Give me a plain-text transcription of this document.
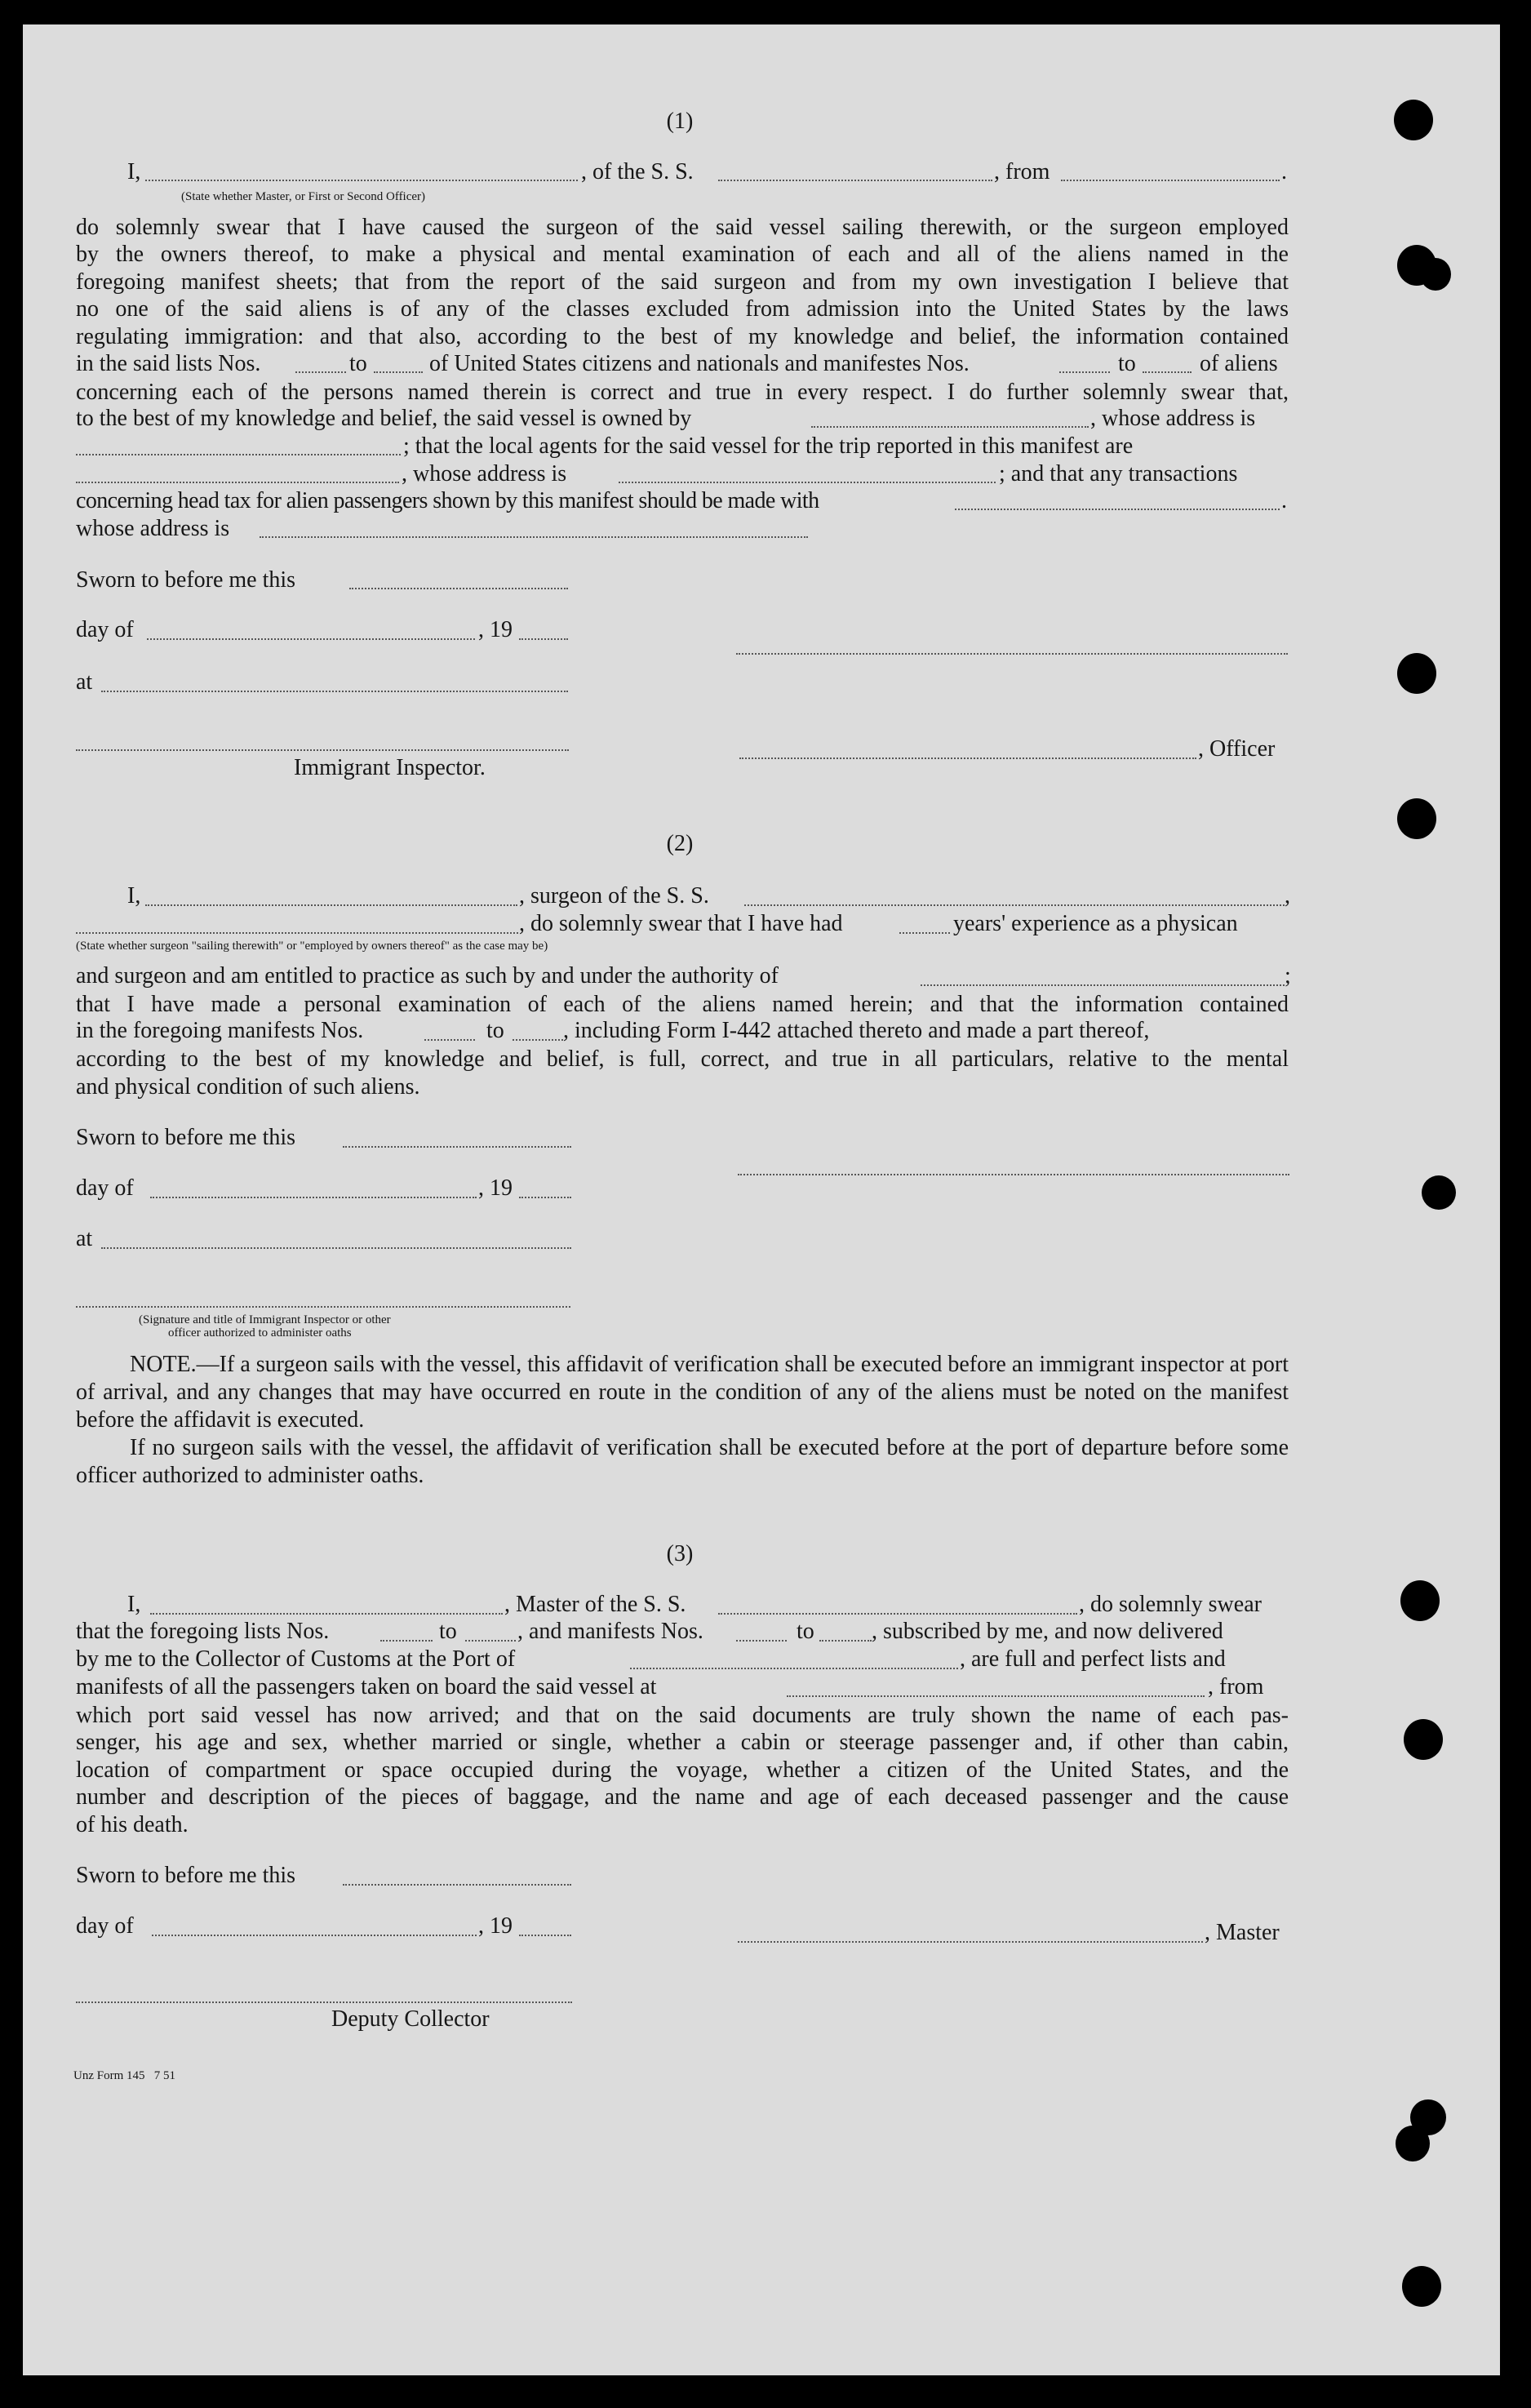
(1)
I,	, of the S. S.	, from	.
(State whether Master, or First or Second Officer)
do solemnly swear that I have caused the surgeon of the said vessel sailing therewith, or the surgeon employed
by the owners thereof, to make a physical and mental examination of each and all of the aliens named in the
foregoing manifest sheets; that from the report of the said surgeon and from my own investigation I believe that
no one of the said aliens is of any of the classes excluded from admission into the United States by the laws
regulating immigration: and that also, according to the best of my knowledge and belief, the information contained
in the said lists Nos.	to	of United States citizens and nationals and manifestes Nos.	to	of aliens
concerning each of the persons named therein is correct and true in every respect. I do further solemnly swear that,
to the best of my knowledge and belief, the said vessel is owned by	, whose address is
; that the local agents for the said vessel for the trip reported in this manifest are
, whose address is	; and that any transactions
concerning head tax for alien passengers shown by this manifest should be made with	.
whose address is
Sworn to before me this
day of	, 19
at
, Officer
Immigrant Inspector.
(2)
I,	, surgeon of the S. S.	,
, do solemnly swear that I have had	years' experience as a physican
(State whether surgeon "sailing therewith" or "employed by owners thereof" as the case may be)
and surgeon and am entitled to practice as such by and under the authority of	;
that I have made a personal examination of each of the aliens named herein; and that the information contained
in the foregoing manifests Nos.	to	, including Form I-442 attached thereto and made a part thereof,
according to the best of my knowledge and belief, is full, correct, and true in all particulars, relative to the mental
and physical condition of such aliens.
Sworn to before me this
day of	, 19
at
(Signature and title of Immigrant Inspector or other
officer authorized to administer oaths
NOTE.—If a surgeon sails with the vessel, this affidavit of verification shall be executed before an immigrant inspector at port of arrival, and any changes that may have occurred en route in the condition of any of the aliens must be noted on the manifest before the affidavit is executed.
If no surgeon sails with the vessel, the affidavit of verification shall be executed before at the port of departure before some officer authorized to administer oaths.
(3)
I,	, Master of the S. S.	, do solemnly swear
that the foregoing lists Nos.	to	, and manifests Nos.	to	, subscribed by me, and now delivered
by me to the Collector of Customs at the Port of	, are full and perfect lists and
manifests of all the passengers taken on board the said vessel at	, from
which port said vessel has now arrived; and that on the said documents are truly shown the name of each pas-
senger, his age and sex, whether married or single, whether a cabin or steerage passenger and, if other than cabin,
location of compartment or space occupied during the voyage, whether a citizen of the United States, and the
number and description of the pieces of baggage, and the name and age of each deceased passenger and the cause
of his death.
Sworn to before me this
day of	, 19	, Master
Deputy Collector
Unz Form 145   7 51
